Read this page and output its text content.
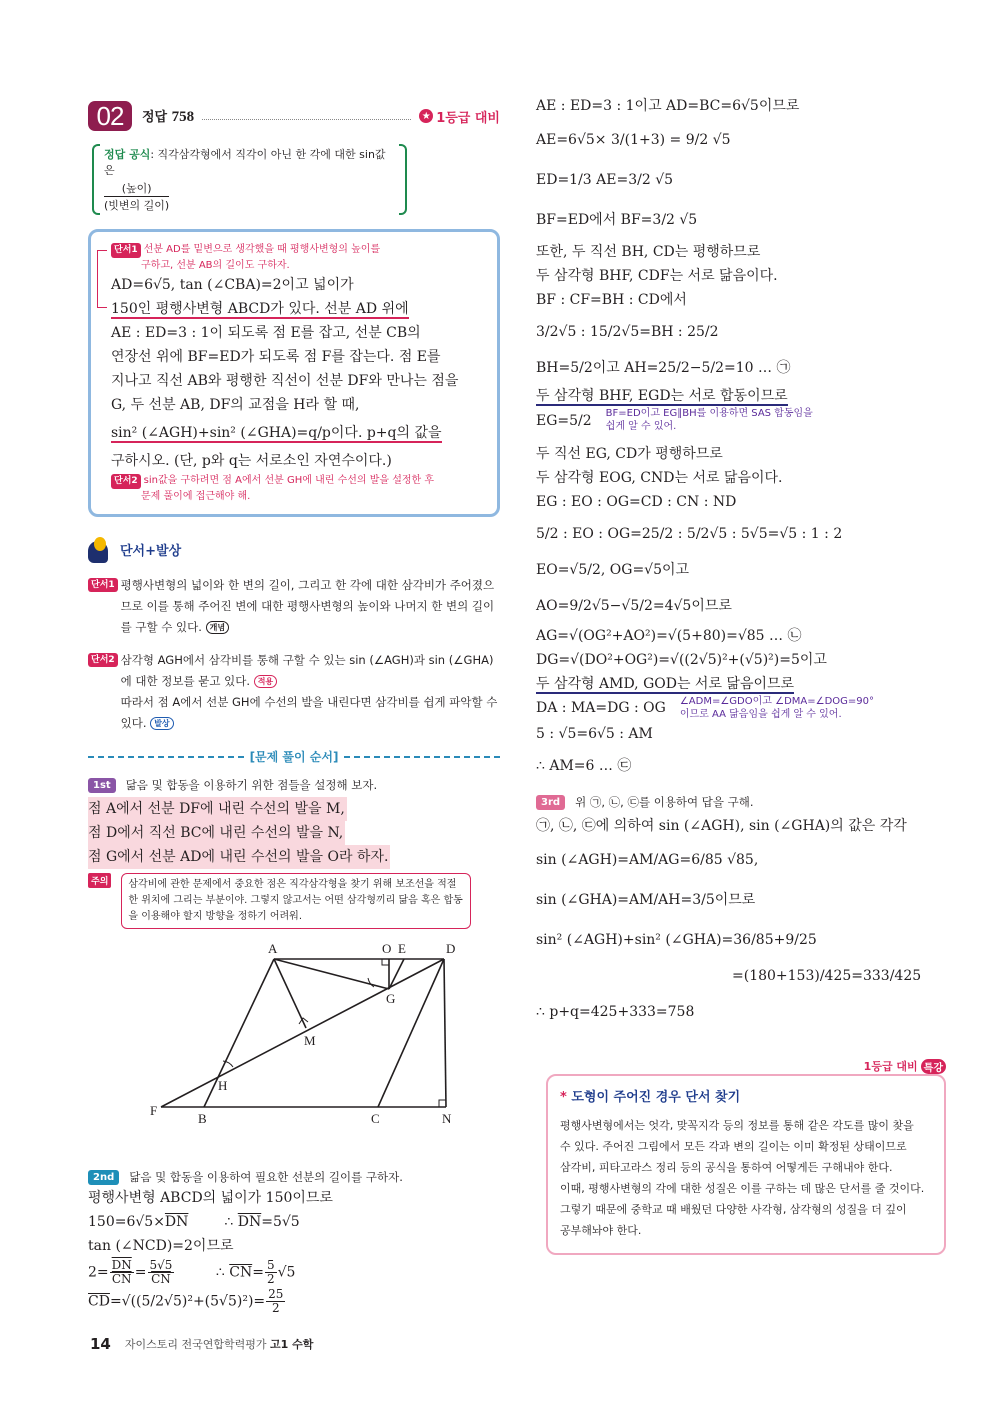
02	정답 758	★ 1등급 대비
정답 공식: 직각삼각형에서 직각이 아닌 한 각에 대한 sin값은

$\frac{\text{(높이)}}{\text{(빗변의 길이)}}$
단서1 선분 AD를 밑변으로 생각했을 때 평행사변형의 높이를
구하고, 선분 AB의 길이도 구하자.
AD=6√5, tan (∠CBA)=2이고 넓이가
150인 평행사변형 ABCD가 있다. 선분 AD 위에
AE : ED=3 : 1이 되도록 점 E를 잡고, 선분 CB의
연장선 위에 BF=ED가 되도록 점 F를 잡는다. 점 E를
지나고 직선 AB와 평행한 직선이 선분 DF와 만나는 점을
G, 두 선분 AB, DF의 교점을 H라 할 때,
sin² (∠AGH)+sin² (∠GHA)=q/p이다. p+q의 값을
구하시오. (단, p와 q는 서로소인 자연수이다.)
단서2 sin값을 구하려면 점 A에서 선분 GH에 내린 수선의 발을 설정한 후
문제 풀이에 접근해야 해.
단서+발상
단서1 평행사변형의 넓이와 한 변의 길이, 그리고 한 각에 대한 삼각비가 주어졌으므로 이를 통해 주어진 변에 대한 평행사변형의 높이와 나머지 한 변의 길이를 구할 수 있다. 개념
단서2 삼각형 AGH에서 삼각비를 통해 구할 수 있는 sin (∠AGH)과 sin (∠GHA)에 대한 정보를 묻고 있다. 적용
따라서 점 A에서 선분 GH에 수선의 발을 내린다면 삼각비를 쉽게 파악할 수 있다. 발상
[문제 풀이 순서]
1st	닮음 및 합동을 이용하기 위한 점들을 설정해 보자.
점 A에서 선분 DF에 내린 수선의 발을 M,
점 D에서 직선 BC에 내린 수선의 발을 N,
점 G에서 선분 AD에 내린 수선의 발을 O라 하자.
주의	삼각비에 관한 문제에서 중요한 점은 직각삼각형을 찾기 위해 보조선을 적절한 위치에 그리는 부분이야. 그렇지 않고서는 어떤 삼각형끼리 닮음 혹은 합동을 이용해야 할지 방향을 정하기 어려워.
A	O E	D
G
M
H
F
B	C	N
2nd	닮음 및 합동을 이용하여 필요한 선분의 길이를 구하자.
평행사변형 ABCD의 넓이가 150이므로
$150=6√5\times\overline{DN}$	∴ $\overline{DN}=5√5$
tan (∠NCD)=2이므로
$2= \frac{\overline{DN}}{CN} = \frac{5√5}{CN}$	∴ $\overline{CN}= \frac{5}{2} √5$
$\overline{CD}=√((5/2√5)^2+(5√5)^2)= \frac{25}{2}$
AE : ED=3 : 1이고 AD=BC=6√5이므로
AE=6√5× 3/(1+3) = 9/2 √5
ED=1/3 AE=3/2 √5
BF=ED에서 BF=3/2 √5
또한, 두 직선 BH, CD는 평행하므로
두 삼각형 BHF, CDF는 서로 닮음이다.
BF : CF=BH : CD에서
3/2√5 : 15/2√5=BH : 25/2
BH=5/2이고 AH=25/2−5/2=10 … ㉠
두 삼각형 BHF, EGD는 서로 합동이므로
EG=5/2 BF=ED이고 EG∥BH를 이용하면 SAS 합동임을
쉽게 알 수 있어.
두 직선 EG, CD가 평행하므로
두 삼각형 EOG, CND는 서로 닮음이다.
EG : EO : OG=CD : CN : ND
5/2 : EO : OG=25/2 : 5/2√5 : 5√5=√5 : 1 : 2
EO=√5/2, OG=√5이고
AO=9/2√5−√5/2=4√5이므로
AG=√(OG²+AO²)=√(5+80)=√85 … ㉡
DG=√(DO²+OG²)=√((2√5)²+(√5)²)=5이고
두 삼각형 AMD, GOD는 서로 닮음이므로
DA : MA=DG : OG ∠ADM=∠GDO이고 ∠DMA=∠DOG=90°
이므로 AA 닮음임을 쉽게 알 수 있어.
5 : √5=6√5 : AM
∴ AM=6 … ㉢
3rd	위 ㉠, ㉡, ㉢를 이용하여 답을 구해.
㉠, ㉡, ㉢에 의하여 sin (∠AGH), sin (∠GHA)의 값은 각각
sin (∠AGH)=AM/AG=6/85 √85,
sin (∠GHA)=AM/AH=3/5이므로
sin² (∠AGH)+sin² (∠GHA)=36/85+9/25
=(180+153)/425=333/425
∴ p+q=425+333=758
1등급 대비 특강
* 도형이 주어진 경우 단서 찾기
평행사변형에서는 엇각, 맞꼭지각 등의 정보를 통해 같은 각도를 많이 찾을
수 있다. 주어진 그림에서 모든 각과 변의 길이는 이미 확정된 상태이므로
삼각비, 피타고라스 정리 등의 공식을 통하여 어떻게든 구해내야 한다.
이때, 평행사변형의 각에 대한 성질은 이를 구하는 데 많은 단서를 줄 것이다.
그렇기 때문에 중학교 때 배웠던 다양한 사각형, 삼각형의 성질을 더 깊이
공부해놔야 한다.
14 자이스토리 전국연합학력평가 고1 수학
